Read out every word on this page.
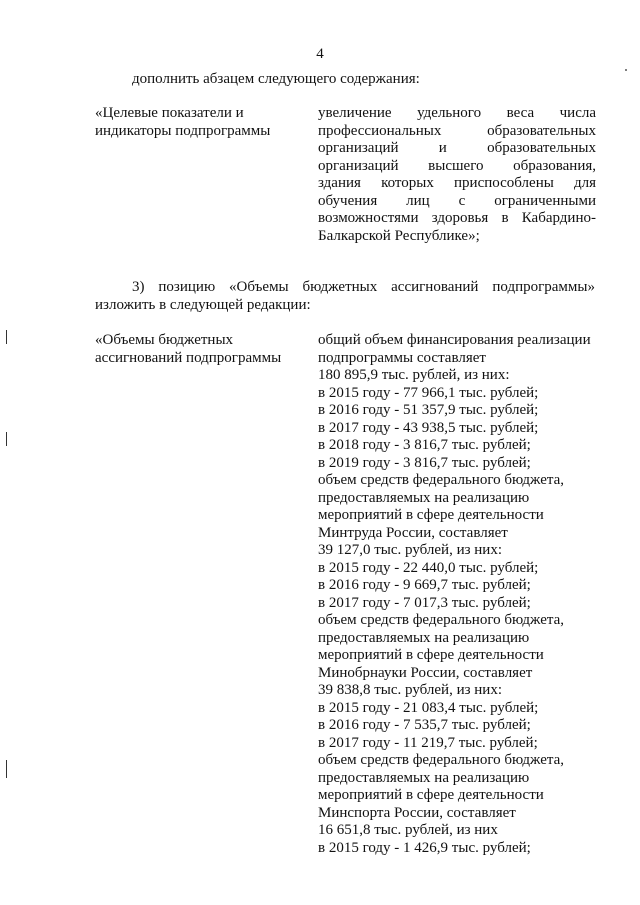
4
дополнить абзацем следующего содержания:
«Целевые показатели и
индикаторы подпрограммы
увеличение удельного веса числа
профессиональных образовательных
организаций и образовательных
организаций высшего образования,
здания которых приспособлены для
обучения лиц с ограниченными
возможностями здоровья в Кабардино-
Балкарской Республике»;
3) позицию «Объемы бюджетных ассигнований подпрограммы»
изложить в следующей редакции:
«Объемы бюджетных
ассигнований подпрограммы
общий объем финансирования реализации
подпрограммы составляет
180 895,9 тыс. рублей, из них:
в 2015 году - 77 966,1 тыс. рублей;
в 2016 году - 51 357,9 тыс. рублей;
в 2017 году - 43 938,5 тыс. рублей;
в 2018 году - 3 816,7 тыс. рублей;
в 2019 году - 3 816,7 тыс. рублей;
объем средств федерального бюджета,
предоставляемых на реализацию
мероприятий в сфере деятельности
Минтруда России, составляет
39 127,0 тыс. рублей, из них:
в 2015 году - 22 440,0 тыс. рублей;
в 2016 году - 9 669,7 тыс. рублей;
в 2017 году - 7 017,3 тыс. рублей;
объем средств федерального бюджета,
предоставляемых на реализацию
мероприятий в сфере деятельности
Минобрнауки России, составляет
39 838,8 тыс. рублей, из них:
в 2015 году - 21 083,4 тыс. рублей;
в 2016 году - 7 535,7 тыс. рублей;
в 2017 году - 11 219,7 тыс. рублей;
объем средств федерального бюджета,
предоставляемых на реализацию
мероприятий в сфере деятельности
Минспорта России, составляет
16 651,8 тыс. рублей, из них
в 2015 году - 1 426,9 тыс. рублей;
